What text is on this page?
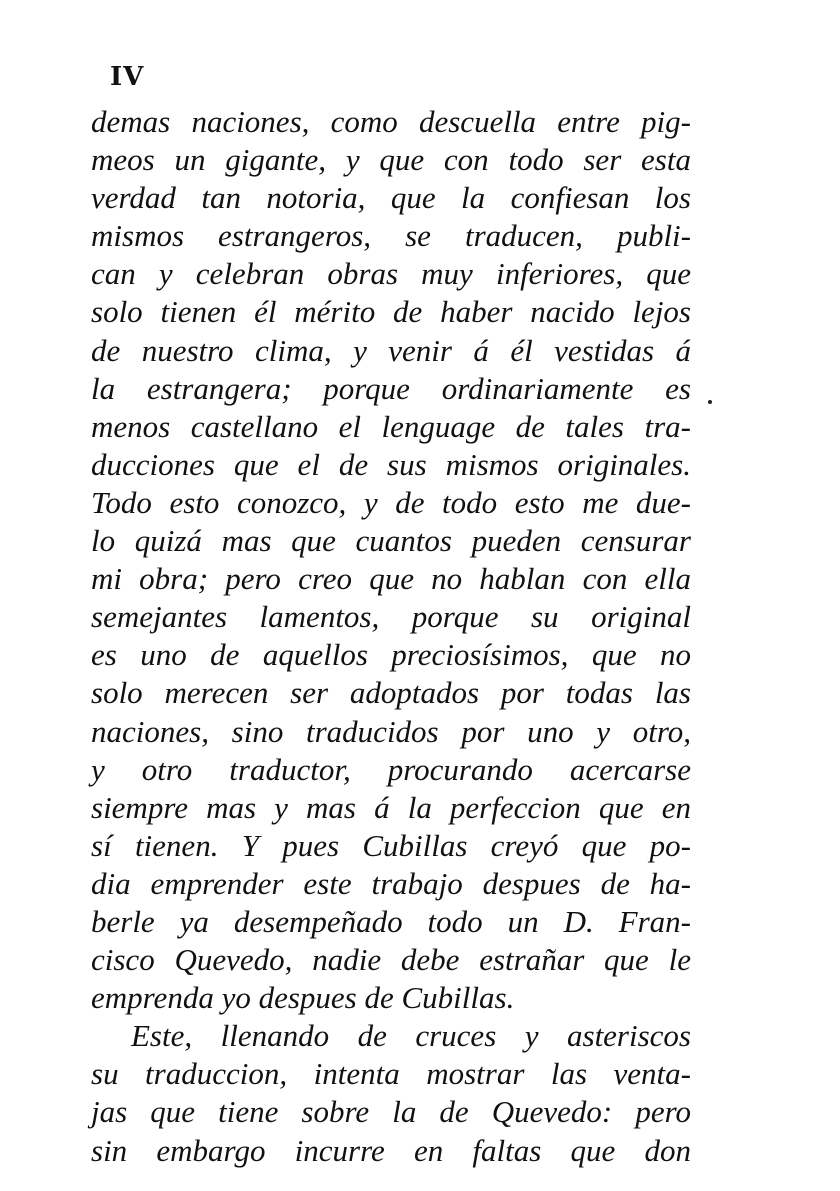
IV
demas naciones, como descuella entre pig-
meos un gigante, y que con todo ser esta
verdad tan notoria, que la confiesan los
mismos estrangeros, se traducen, publi-
can y celebran obras muy inferiores, que
solo tienen él mérito de haber nacido lejos
de nuestro clima, y venir á él vestidas á
la estrangera; porque ordinariamente es
menos castellano el lenguage de tales tra-
ducciones que el de sus mismos originales.
Todo esto conozco, y de todo esto me due-
lo quizá mas que cuantos pueden censurar
mi obra; pero creo que no hablan con ella
semejantes lamentos, porque su original
es uno de aquellos preciosísimos, que no
solo merecen ser adoptados por todas las
naciones, sino traducidos por uno y otro,
y otro traductor, procurando acercarse
siempre mas y mas á la perfeccion que en
sí tienen. Y pues Cubillas creyó que po-
dia emprender este trabajo despues de ha-
berle ya desempeñado todo un D. Fran-
cisco Quevedo, nadie debe estrañar que le
emprenda yo despues de Cubillas.
Este, llenando de cruces y asteriscos
su traduccion, intenta mostrar las venta-
jas que tiene sobre la de Quevedo: pero
sin embargo incurre en faltas que don
